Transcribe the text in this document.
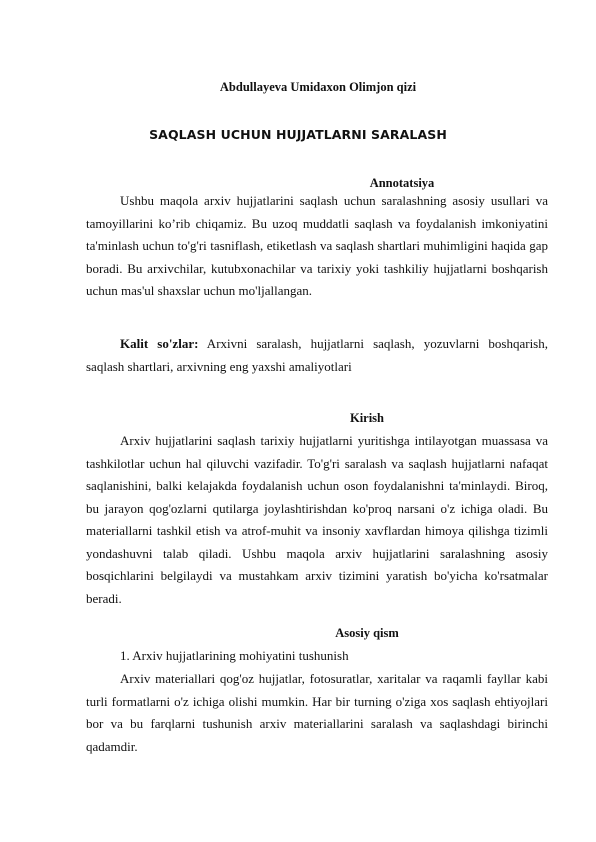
Abdullayeva Umidaxon Olimjon qizi
SAQLASH UCHUN HUJJATLARNI SARALASH
Annotatsiya
Ushbu maqola arxiv hujjatlarini saqlash uchun saralashning asosiy usullari va tamoyillarini ko’rib chiqamiz. Bu uzoq muddatli saqlash va foydalanish imkoniyatini ta'minlash uchun to'g'ri tasniflash, etiketlash va saqlash shartlari muhimligini haqida gap boradi. Bu arxivchilar, kutubxonachilar va tarixiy yoki tashkiliy hujjatlarni boshqarish uchun mas'ul shaxslar uchun mo'ljallangan.
Kalit so'zlar: Arxivni saralash, hujjatlarni saqlash, yozuvlarni boshqarish, saqlash shartlari, arxivning eng yaxshi amaliyotlari
Kirish
Arxiv hujjatlarini saqlash tarixiy hujjatlarni yuritishga intilayotgan muassasa va tashkilotlar uchun hal qiluvchi vazifadir. To'g'ri saralash va saqlash hujjatlarni nafaqat saqlanishini, balki kelajakda foydalanish uchun oson foydalanishni ta'minlaydi. Biroq, bu jarayon qog'ozlarni qutilarga joylashtirishdan ko'proq narsani o'z ichiga oladi. Bu materiallarni tashkil etish va atrof-muhit va insoniy xavflardan himoya qilishga tizimli yondashuvni talab qiladi. Ushbu maqola arxiv hujjatlarini saralashning asosiy bosqichlarini belgilaydi va mustahkam arxiv tizimini yaratish bo'yicha ko'rsatmalar beradi.
Asosiy qism
1. Arxiv hujjatlarining mohiyatini tushunish
Arxiv materiallari qog'oz hujjatlar, fotosuratlar, xaritalar va raqamli fayllar kabi turli formatlarni o'z ichiga olishi mumkin. Har bir turning o'ziga xos saqlash ehtiyojlari bor va bu farqlarni tushunish arxiv materiallarini saralash va saqlashdagi birinchi qadamdir.
